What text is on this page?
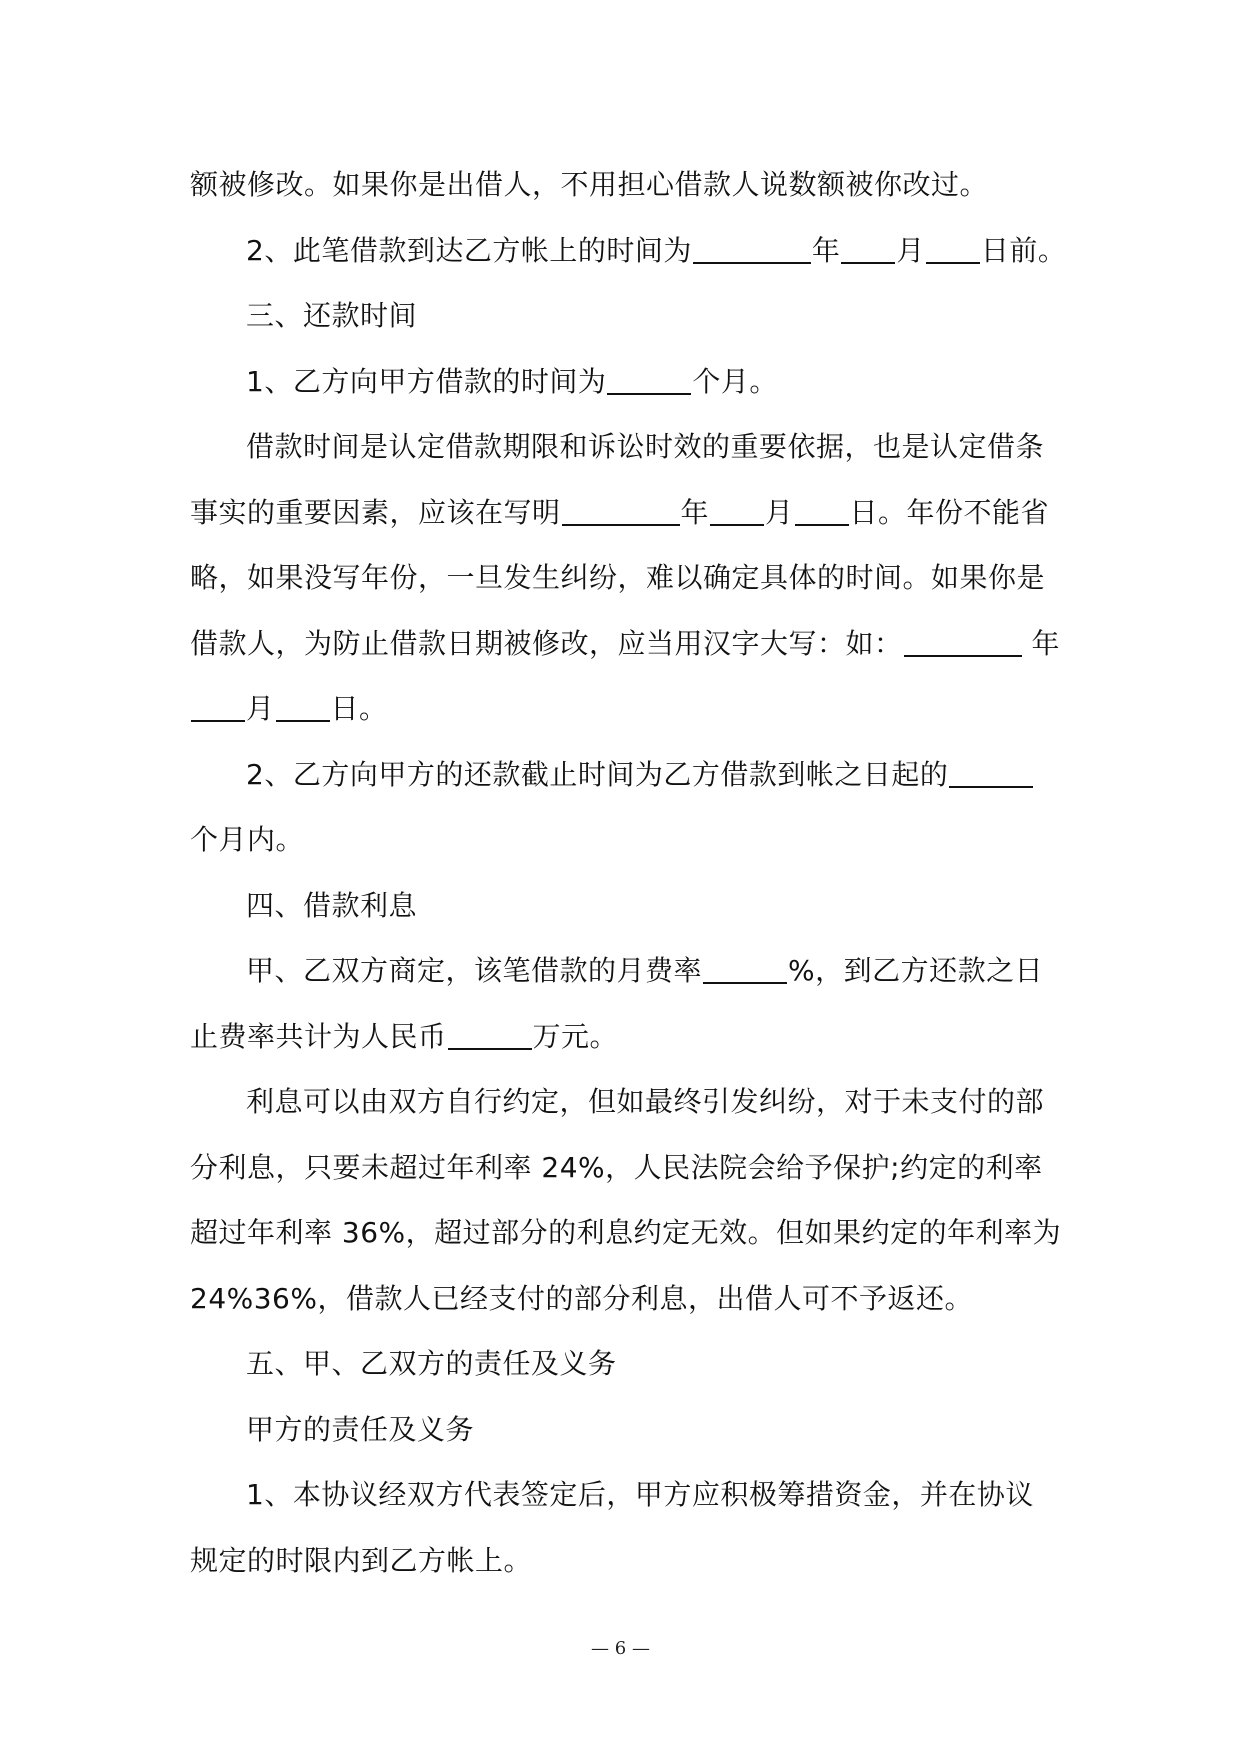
额被修改。如果你是出借人，不用担心借款人说数额被你改过。
2、此笔借款到达乙方帐上的时间为	年 月 日前。
三、还款时间
1、乙方向甲方借款的时间为	个月。
借款时间是认定借款期限和诉讼时效的重要依据，也是认定借条
事实的重要因素，应该在写明	年 月 日。年份不能省
略，如果没写年份，一旦发生纠纷，难以确定具体的时间。如果你是
借款人，为防止借款日期被修改，应当用汉字大写：如：	年
月 日。
2、乙方向甲方的还款截止时间为乙方借款到帐之日起的
个月内。
四、借款利息
甲、乙双方商定，该笔借款的月费率	%，到乙方还款之日
止费率共计为人民币	万元。
利息可以由双方自行约定，但如最终引发纠纷，对于未支付的部
分利息，只要未超过年利率 24%，人民法院会给予保护;约定的利率
超过年利率 36%，超过部分的利息约定无效。但如果约定的年利率为
24%36%，借款人已经支付的部分利息，出借人可不予返还。
五、甲、乙双方的责任及义务
甲方的责任及义务
1、本协议经双方代表签定后，甲方应积极筹措资金，并在协议
规定的时限内到乙方帐上。
— 6 —
